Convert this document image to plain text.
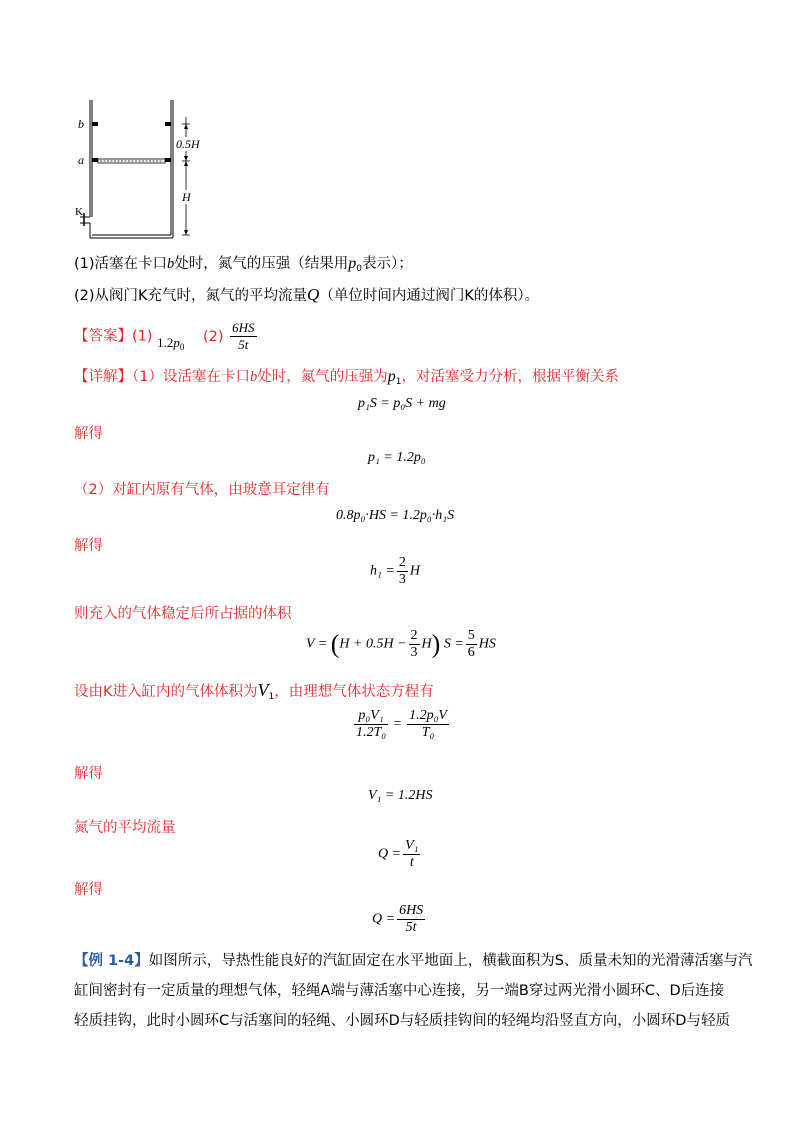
0.5H
H
b
a
K
(1)活塞在卡口b处时，氮气的压强（结果用$p_0$表示）；
(2)从阀门K充气时，氮气的平均流量Q（单位时间内通过阀门K的体积）。
【答案】(1) $1.2p_0$ $(2) \frac{6HS}{5t}$
【详解】（1）设活塞在卡口b处时，氮气的压强为$p_1$，对活塞受力分析，根据平衡关系
p₁S = p₀S + mg
解得
p₁ = 1.2p₀
（2）对缸内原有气体，由玻意耳定律有
0.8p₀·HS = 1.2p₀·h₁S
解得
$h_1 = \frac{2}{3}$ H
则充入的气体稳定后所占据的体积
$V = (H + 0.5H - \frac{2}{3} H)$ $S = \frac{5}{6}$ HS
设由K进入缸内的气体体积为$V_1$，由理想气体状态方程有
$\frac{\text{p₀V₁}}{\text{1.2T₀}} = \frac{\text{1.2p₀V}}{\text{T₀}}$
解得
V₁ = 1.2HS
氮气的平均流量
$Q = \frac{\text{V₁}}{t}$
解得
$Q = \frac{6HS}{5t}$
【例 1-4】如图所示，导热性能良好的汽缸固定在水平地面上，横截面积为S、质量未知的光滑薄活塞与汽
缸间密封有一定质量的理想气体，轻绳A端与薄活塞中心连接，另一端B穿过两光滑小圆环C、D后连接
轻质挂钩，此时小圆环C与活塞间的轻绳、小圆环D与轻质挂钩间的轻绳均沿竖直方向，小圆环D与轻质
